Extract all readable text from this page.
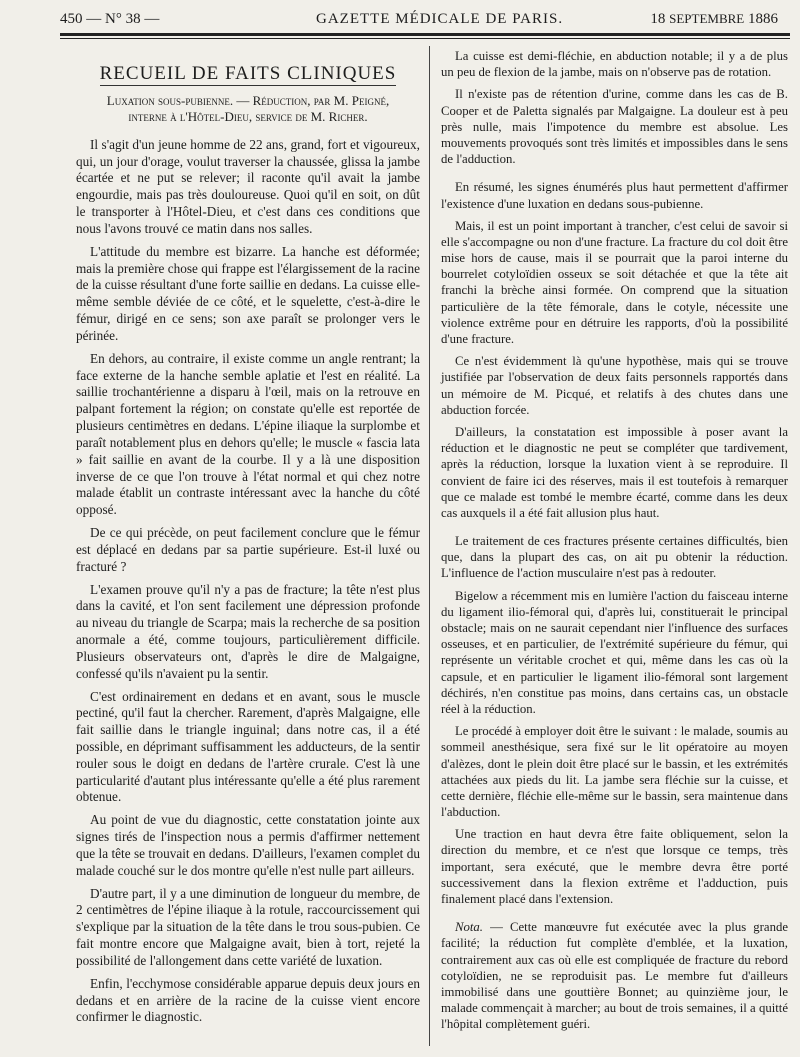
450 — N° 38 —	GAZETTE MÉDICALE DE PARIS.	18 SEPTEMBRE 1886
RECUEIL DE FAITS CLINIQUES
Luxation sous-pubienne. — Réduction, par M. Peigné,
interne à l'Hôtel-Dieu, service de M. Richer.

Il s'agit d'un jeune homme de 22 ans, grand, fort et vigoureux, qui, un jour d'orage, voulut traverser la chaussée, glissa la jambe écartée et ne put se relever; il raconte qu'il avait la jambe engourdie, mais pas très douloureuse. Quoi qu'il en soit, on dût le transporter à l'Hôtel-Dieu, et c'est dans ces conditions que nous l'avons trouvé ce matin dans nos salles.

L'attitude du membre est bizarre. La hanche est déformée; mais la première chose qui frappe est l'élargissement de la racine de la cuisse résultant d'une forte saillie en dedans. La cuisse elle-même semble déviée de ce côté, et le squelette, c'est-à-dire le fémur, dirigé en ce sens; son axe paraît se prolonger vers le périnée.

En dehors, au contraire, il existe comme un angle rentrant; la face externe de la hanche semble aplatie et l'est en réalité. La saillie trochantérienne a disparu à l'œil, mais on la retrouve en palpant fortement la région; on constate qu'elle est reportée de plusieurs centimètres en dedans. L'épine iliaque la surplombe et paraît notablement plus en dehors qu'elle; le muscle « fascia lata » fait saillie en avant de la courbe. Il y a là une disposition inverse de ce que l'on trouve à l'état normal et qui chez notre malade établit un contraste intéressant avec la hanche du côté opposé.

De ce qui précède, on peut facilement conclure que le fémur est déplacé en dedans par sa partie supérieure. Est-il luxé ou fracturé ?

L'examen prouve qu'il n'y a pas de fracture; la tête n'est plus dans la cavité, et l'on sent facilement une dépression profonde au niveau du triangle de Scarpa; mais la recherche de sa position anormale a été, comme toujours, particulièrement difficile. Plusieurs observateurs ont, d'après le dire de Malgaigne, confessé qu'ils n'avaient pu la sentir.

C'est ordinairement en dedans et en avant, sous le muscle pectiné, qu'il faut la chercher. Rarement, d'après Malgaigne, elle fait saillie dans le triangle inguinal; dans notre cas, il a été possible, en déprimant suffisamment les adducteurs, de la sentir rouler sous le doigt en dedans de l'artère crurale. C'est là une particularité d'autant plus intéressante qu'elle a été plus rarement obtenue.

Au point de vue du diagnostic, cette constatation jointe aux signes tirés de l'inspection nous a permis d'affirmer nettement que la tête se trouvait en dedans. D'ailleurs, l'examen complet du malade couché sur le dos montre qu'elle n'est nulle part ailleurs.

D'autre part, il y a une diminution de longueur du membre, de 2 centimètres de l'épine iliaque à la rotule, raccourcissement qui s'explique par la situation de la tête dans le trou sous-pubien. Ce fait montre encore que Malgaigne avait, bien à tort, rejeté la possibilité de l'allongement dans cette variété de luxation.

Enfin, l'ecchymose considérable apparue depuis deux jours en dedans et en arrière de la racine de la cuisse vient encore confirmer le diagnostic.

La cuisse est demi-fléchie, en abduction notable; il y a de plus un peu de flexion de la jambe, mais on n'observe pas de rotation.

Il n'existe pas de rétention d'urine, comme dans les cas de B. Cooper et de Paletta signalés par Malgaigne. La douleur est à peu près nulle, mais l'impotence du membre est absolue. Les mouvements provoqués sont très limités et impossibles dans le sens de l'adduction.

En résumé, les signes énumérés plus haut permettent d'affirmer l'existence d'une luxation en dedans sous-pubienne.

Mais, il est un point important à trancher, c'est celui de savoir si elle s'accompagne ou non d'une fracture. La fracture du col doit être mise hors de cause, mais il se pourrait que la paroi interne du bourrelet cotyloïdien osseux se soit détachée et que la tête ait franchi la brèche ainsi formée. On comprend que la situation particulière de la tête fémorale, dans le cotyle, nécessite une violence extrême pour en détruire les rapports, d'où la possibilité d'une fracture.

Ce n'est évidemment là qu'une hypothèse, mais qui se trouve justifiée par l'observation de deux faits personnels rapportés dans un mémoire de M. Picqué, et relatifs à des chutes dans une abduction forcée.

D'ailleurs, la constatation est impossible à poser avant la réduction et le diagnostic ne peut se compléter que tardivement, après la réduction, lorsque la luxation vient à se reproduire. Il convient de faire ici des réserves, mais il est toutefois à remarquer que ce malade est tombé le membre écarté, comme dans les deux cas auxquels il a été fait allusion plus haut.

Le traitement de ces fractures présente certaines difficultés, bien que, dans la plupart des cas, on ait pu obtenir la réduction. L'influence de l'action musculaire n'est pas à redouter.

Bigelow a récemment mis en lumière l'action du faisceau interne du ligament ilio-fémoral qui, d'après lui, constituerait le principal obstacle; mais on ne saurait cependant nier l'influence des surfaces osseuses, et en particulier, de l'extrémité supérieure du fémur, qui représente un véritable crochet et qui, même dans les cas où la capsule, et en particulier le ligament ilio-fémoral sont largement déchirés, n'en constitue pas moins, dans certains cas, un obstacle réel à la réduction.

Le procédé à employer doit être le suivant : le malade, soumis au sommeil anesthésique, sera fixé sur le lit opératoire au moyen d'alèzes, dont le plein doit être placé sur le bassin, et les extrémités attachées aux pieds du lit. La jambe sera fléchie sur la cuisse, et cette dernière, fléchie elle-même sur le bassin, sera maintenue dans l'abduction.

Une traction en haut devra être faite obliquement, selon la direction du membre, et ce n'est que lorsque ce temps, très important, sera exécuté, que le membre devra être porté successivement dans la flexion extrême et l'adduction, puis finalement placé dans l'extension.

Nota. — Cette manœuvre fut exécutée avec la plus grande facilité; la réduction fut complète d'emblée, et la luxation, contrairement aux cas où elle est compliquée de fracture du rebord cotyloïdien, ne se reproduisit pas. Le membre fut d'ailleurs immobilisé dans une gouttière Bonnet; au quinzième jour, le malade commençait à marcher; au bout de trois semaines, il a quitté l'hôpital complètement guéri.
